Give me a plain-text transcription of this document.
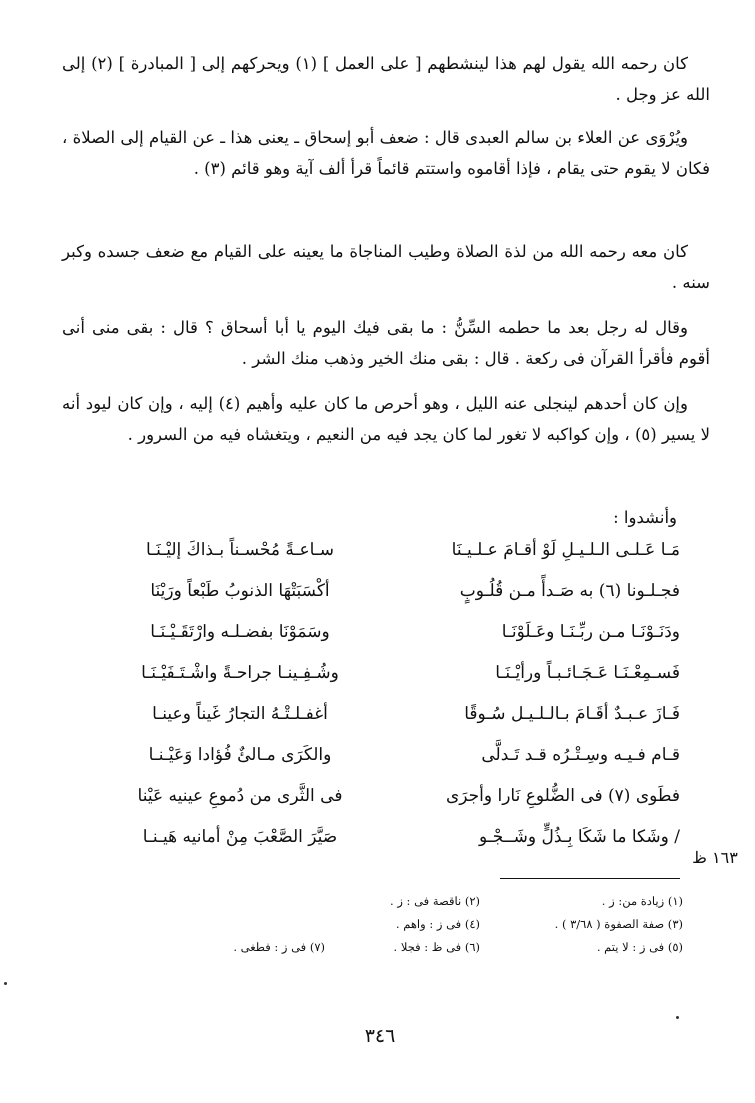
كان رحمه الله يقول لهم هذا لينشطهم [ على العمل ] (١) ويحركهم إلى [ المبادرة ] (٢) إلى الله عز وجل .

ويُرْوَى عن العلاء بن سالم العبدى قال : ضعف أبو إسحاق ـ يعنى هذا ـ عن القيام إلى الصلاة ، فكان لا يقوم حتى يقام ، فإذا أقاموه واستتم قائماً قرأ ألف آية وهو قائم (٣) .

كان معه رحمه الله من لذة الصلاة وطيب المناجاة ما يعينه على القيام مع ضعف جسده وكبر سنه .

وقال له رجل بعد ما حطمه السِّنُّ : ما بقى فيك اليوم يا أبا أسحاق ؟ قال : بقى منى أنى أقوم فأقرأ القرآن فى ركعة . قال : بقى منك الخير وذهب منك الشر .

وإن كان أحدهم لينجلى عنه الليل ، وهو أحرص ما كان عليه وأهيم (٤) إليه ، وإن كان ليود أنه لا يسير (٥) ، وإن كواكبه لا تغور لما كان يجد فيه من النعيم ، ويتغشاه فيه من السرور .

وأنشدوا :
مَـا عَـلـى الـلـيـلِ لَوْ أقـامَ عـلـيـنَا
سـاعـةً مُحْسـناً بـذاكَ إليْـنَـا
فجـلـونا (٦) به صَـدأً مـن قُلُـوبٍ
أكْسَبَتْهَا الذنوبُ طَبْعاً ورَيْنَا
ودَنَـوْنَـا مـن ربِّـنَـا وعَـلَوْنَـا
وسَمَوْنَا بفضـلـه وارْتَقَـيْـنَـا
فَسـمِعْـنَـا عَـجَـائـبـاً ورأيْـنَـا
وشُـفِـينـا جراحـةً واشْـتَـفَيْـنَـا
فَـازَ عـبـدٌ أقَـامَ بـالـلـيـل سُـوقًا
أغفـلـتْـهُ التجارُ غَيناً وعينـا
قـام فـيـه وسِـتْـرُه قـد تَـدلَّى
والكَرَى مـالئٌ فُؤادا وَعَيْـنـا
فطَوى (٧) فى الضُّلوعِ نَارا وأجرَى
فى الثَّرى من دُموعِ عينيه عَيْنا
/ وشَكا ما شَكَا بِـذُلٍّ وشَــجْـو
صَيَّرَ الصَّعْبَ مِنْ أمانيه هَيـنـا
١٦٣ ظ
(١) زيادة من: ز .
(٢) ناقصة فى : ز .
(٣) صفة الصفوة ( ٣/٦٨ ) .
(٤) فى ز : واهم .
(٥) فى ز : لا يتم .
(٦) فى ظ : فجلا .
(٧) فى ز : فطغى .
٣٤٦
